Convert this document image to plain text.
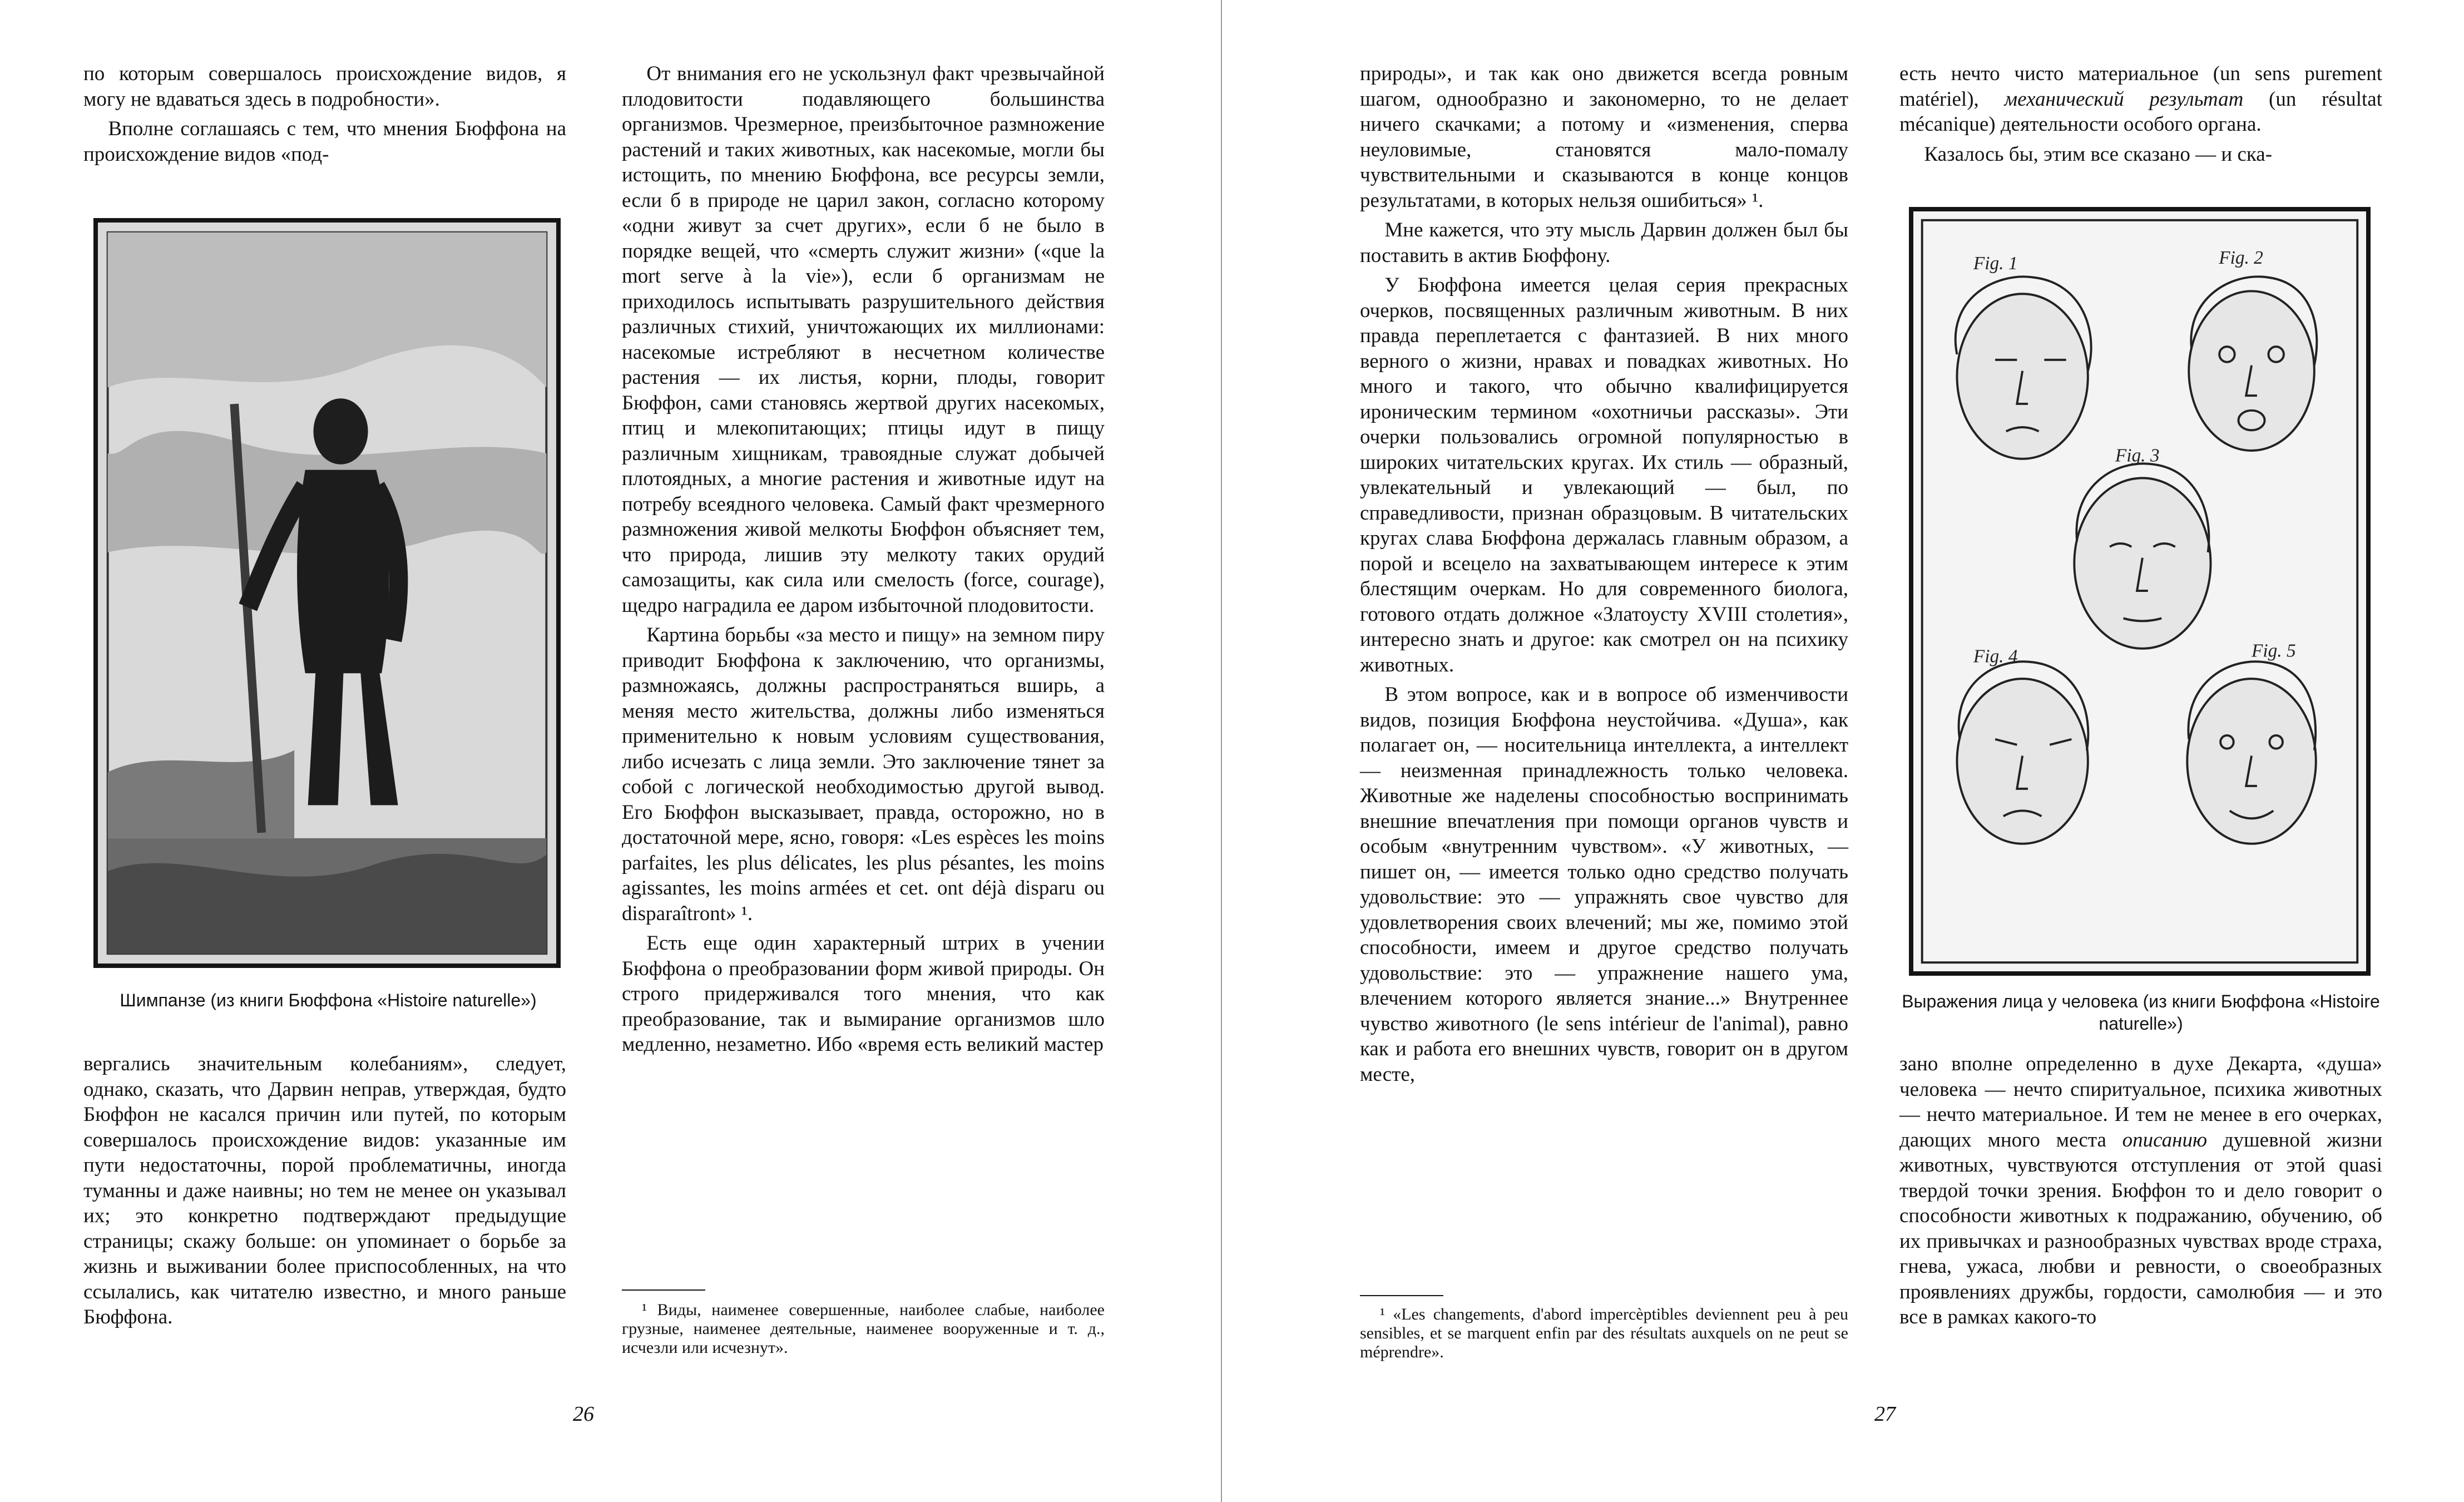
по которым совершалось происхождение видов, я могу не вдаваться здесь в подробности».

Вполне соглашаясь с тем, что мнения Бюффона на происхождение видов «под-

Шимпанзе (из книги Бюффона «Histoire naturelle»)

вергались значительным колебаниям», следует, однако, сказать, что Дарвин неправ, утверждая, будто Бюффон не касался причин или путей, по которым совершалось происхождение видов: указанные им пути недостаточны, порой проблематичны, иногда туманны и даже наивны; но тем не менее он указывал их; это конкретно подтверждают предыдущие страницы; скажу больше: он упоминает о борьбе за жизнь и выживании более приспособленных, на что ссылались, как читателю известно, и много раньше Бюффона.

От внимания его не ускользнул факт чрезвычайной плодовитости подавляющего большинства организмов. Чрезмерное, преизбыточное размножение растений и таких животных, как насекомые, могли бы истощить, по мнению Бюффона, все ресурсы земли, если б в природе не царил закон, согласно которому «одни живут за счет других», если б не было в порядке вещей, что «смерть служит жизни» («que la mort serve à la vie»), если б организмам не приходилось испытывать разрушительного действия различных стихий, уничтожающих их миллионами: насекомые истребляют в несчетном количестве растения — их листья, корни, плоды, говорит Бюффон, сами становясь жертвой других насекомых, птиц и млекопитающих; птицы идут в пищу различным хищникам, травоядные служат добычей плотоядных, а многие растения и животные идут на потребу всеядного человека. Самый факт чрезмерного размножения живой мелкоты Бюффон объясняет тем, что природа, лишив эту мелкоту таких орудий самозащиты, как сила или смелость (force, courage), щедро наградила ее даром избыточной плодовитости.

Картина борьбы «за место и пищу» на земном пиру приводит Бюффона к заключению, что организмы, размножаясь, должны распространяться вширь, а меняя место жительства, должны либо изменяться применительно к новым условиям существования, либо исчезать с лица земли. Это заключение тянет за собой с логической необходимостью другой вывод. Его Бюффон высказывает, правда, осторожно, но в достаточной мере, ясно, говоря: «Les espèces les moins parfaites, les plus délicates, les plus pésantes, les moins agissantes, les moins armées et cet. ont déjà disparu ou disparaîtront» ¹.

Есть еще один характерный штрих в учении Бюффона о преобразовании форм живой природы. Он строго придерживался того мнения, что как преобразование, так и вымирание организмов шло медленно, незаметно. Ибо «время есть великий мастер

¹ Виды, наименее совершенные, наиболее слабые, наиболее грузные, наименее деятельные, наименее вооруженные и т. д., исчезли или исчезнут».

26

природы», и так как оно движется всегда ровным шагом, однообразно и закономерно, то не делает ничего скачками; а потому и «изменения, сперва неуловимые, становятся мало-помалу чувствительными и сказываются в конце концов результатами, в которых нельзя ошибиться» ¹.

Мне кажется, что эту мысль Дарвин должен был бы поставить в актив Бюффону.

У Бюффона имеется целая серия прекрасных очерков, посвященных различным животным. В них правда переплетается с фантазией. В них много верного о жизни, нравах и повадках животных. Но много и такого, что обычно квалифицируется ироническим термином «охотничьи рассказы». Эти очерки пользовались огромной популярностью в широких читательских кругах. Их стиль — образный, увлекательный и увлекающий — был, по справедливости, признан образцовым. В читательских кругах слава Бюффона держалась главным образом, а порой и всецело на захватывающем интересе к этим блестящим очеркам. Но для современного биолога, готового отдать должное «Златоусту XVIII столетия», интересно знать и другое: как смотрел он на психику животных.

В этом вопросе, как и в вопросе об изменчивости видов, позиция Бюффона неустойчива. «Душа», как полагает он, — носительница интеллекта, а интеллект — неизменная принадлежность только человека. Животные же наделены способностью воспринимать внешние впечатления при помощи органов чувств и особым «внутренним чувством». «У животных, — пишет он, — имеется только одно средство получать удовольствие: это — упражнять свое чувство для удовлетворения своих влечений; мы же, помимо этой способности, имеем и другое средство получать удовольствие: это — упражнение нашего ума, влечением которого является знание...» Внутреннее чувство животного (le sens intérieur de l'animal), равно как и работа его внешних чувств, говорит он в другом месте,

¹ «Les changements, d'abord impercèptibles deviennent peu à peu sensibles, et se marquent enfin par des résultats auxquels on ne peut se méprendre».

27

есть нечто чисто материальное (un sens purement matériel), механический результат (un résultat mécanique) деятельности особого органа.

Казалось бы, этим все сказано — и ска-

Fig. 1	Fig. 2
Fig. 3
Fig. 4	Fig. 5
Выражения лица у человека (из книги Бюффона «Histoire naturelle»)

зано вполне определенно в духе Декарта, «душа» человека — нечто спиритуальное, психика животных — нечто материальное. И тем не менее в его очерках, дающих много места описанию душевной жизни животных, чувствуются отступления от этой quasi твердой точки зрения. Бюффон то и дело говорит о способности животных к подражанию, обучению, об их привычках и разнообразных чувствах вроде страха, гнева, ужаса, любви и ревности, о своеобразных проявлениях дружбы, гордости, самолюбия — и это все в рамках какого-то
